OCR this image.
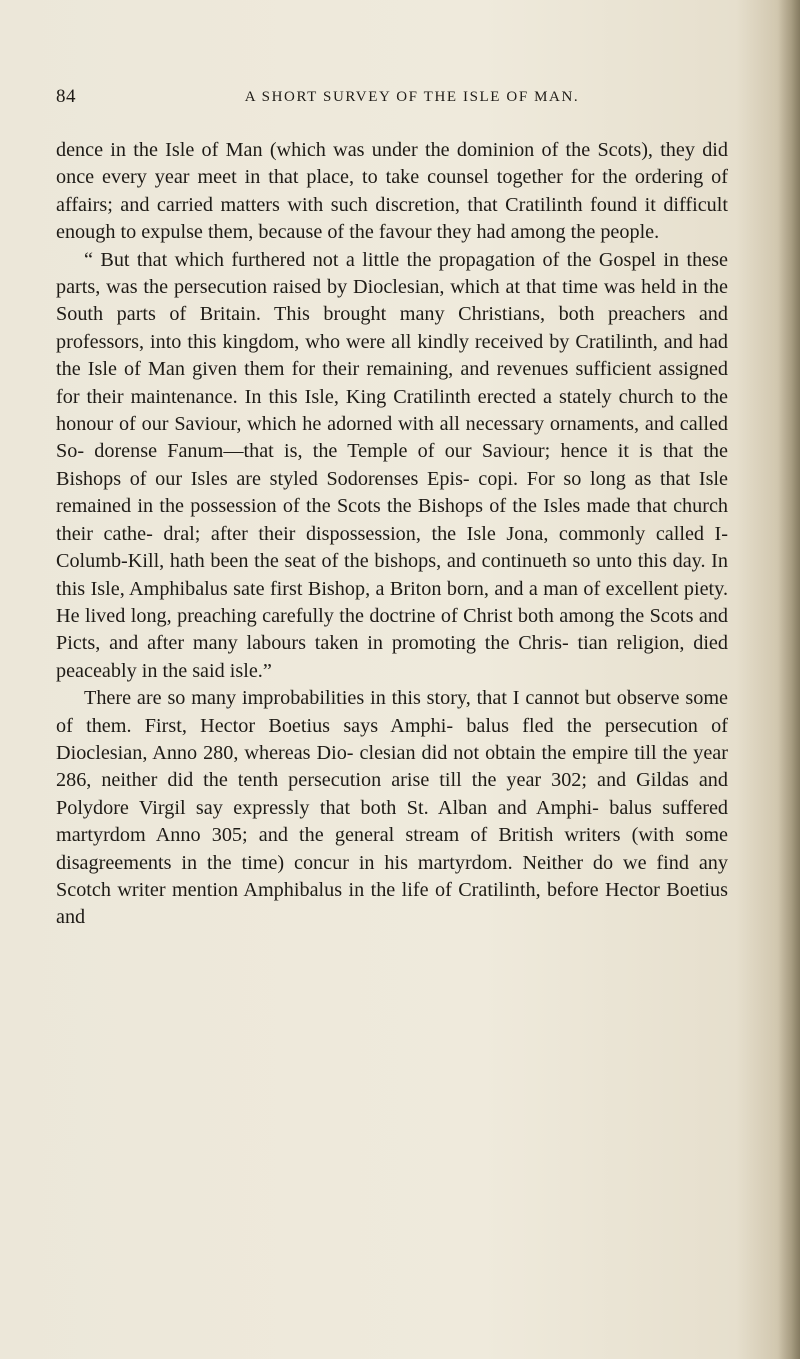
84	A SHORT SURVEY OF THE ISLE OF MAN.

dence in the Isle of Man (which was under the dominion of the Scots), they did once every year meet in that place, to take counsel together for the ordering of affairs; and carried matters with such discretion, that Cratilinth found it difficult enough to expulse them, because of the favour they had among the people.

“ But that which furthered not a little the propagation of the Gospel in these parts, was the persecution raised by Dioclesian, which at that time was held in the South parts of Britain. This brought many Christians, both preachers and professors, into this kingdom, who were all kindly received by Cratilinth, and had the Isle of Man given them for their remaining, and revenues sufficient assigned for their maintenance. In this Isle, King Cratilinth erected a stately church to the honour of our Saviour, which he adorned with all necessary ornaments, and called So- dorense Fanum—that is, the Temple of our Saviour; hence it is that the Bishops of our Isles are styled Sodorenses Epis- copi. For so long as that Isle remained in the possession of the Scots the Bishops of the Isles made that church their cathe- dral; after their dispossession, the Isle Jona, commonly called I-Columb-Kill, hath been the seat of the bishops, and continueth so unto this day. In this Isle, Amphibalus sate first Bishop, a Briton born, and a man of excellent piety. He lived long, preaching carefully the doctrine of Christ both among the Scots and Picts, and after many labours taken in promoting the Chris- tian religion, died peaceably in the said isle.”

There are so many improbabilities in this story, that I cannot but observe some of them. First, Hector Boetius says Amphi- balus fled the persecution of Dioclesian, Anno 280, whereas Dio- clesian did not obtain the empire till the year 286, neither did the tenth persecution arise till the year 302; and Gildas and Polydore Virgil say expressly that both St. Alban and Amphi- balus suffered martyrdom Anno 305; and the general stream of British writers (with some disagreements in the time) concur in his martyrdom. Neither do we find any Scotch writer mention Amphibalus in the life of Cratilinth, before Hector Boetius and
